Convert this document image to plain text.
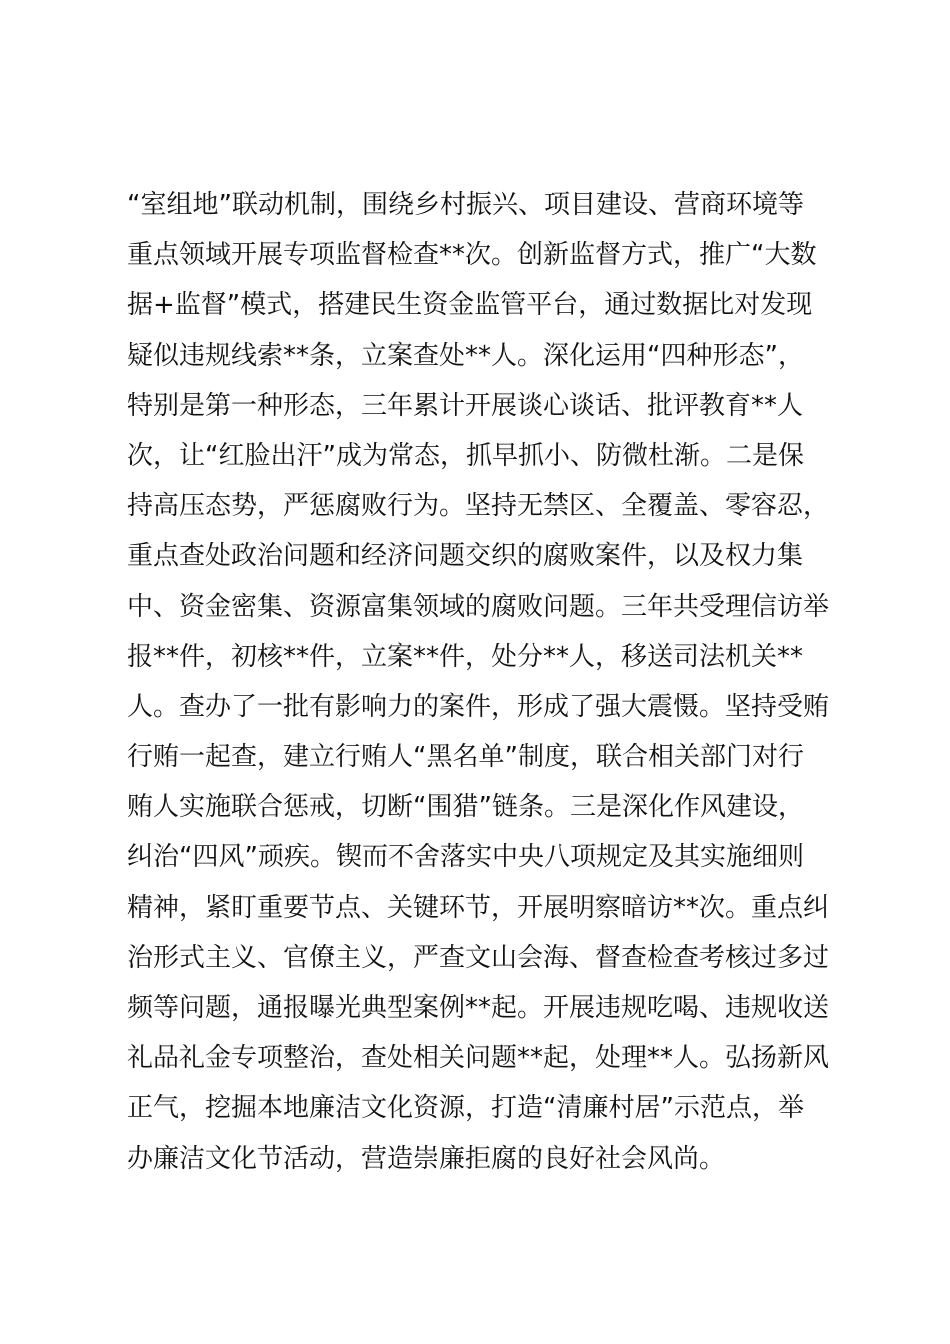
“室组地”联动机制，围绕乡村振兴、项目建设、营商环境等
重点领域开展专项监督检查**次。创新监督方式，推广“大数
据+监督”模式，搭建民生资金监管平台，通过数据比对发现
疑似违规线索**条，立案查处**人。深化运用“四种形态”，
特别是第一种形态，三年累计开展谈心谈话、批评教育**人
次，让“红脸出汗”成为常态，抓早抓小、防微杜渐。二是保
持高压态势，严惩腐败行为。坚持无禁区、全覆盖、零容忍，
重点查处政治问题和经济问题交织的腐败案件，以及权力集
中、资金密集、资源富集领域的腐败问题。三年共受理信访举
报**件，初核**件，立案**件，处分**人，移送司法机关**
人。查办了一批有影响力的案件，形成了强大震慑。坚持受贿
行贿一起查，建立行贿人“黑名单”制度，联合相关部门对行
贿人实施联合惩戒，切断“围猎”链条。三是深化作风建设，
纠治“四风”顽疾。锲而不舍落实中央八项规定及其实施细则
精神，紧盯重要节点、关键环节，开展明察暗访**次。重点纠
治形式主义、官僚主义，严查文山会海、督查检查考核过多过
频等问题，通报曝光典型案例**起。开展违规吃喝、违规收送
礼品礼金专项整治，查处相关问题**起，处理**人。弘扬新风
正气，挖掘本地廉洁文化资源，打造“清廉村居”示范点，举
办廉洁文化节活动，营造崇廉拒腐的良好社会风尚。
